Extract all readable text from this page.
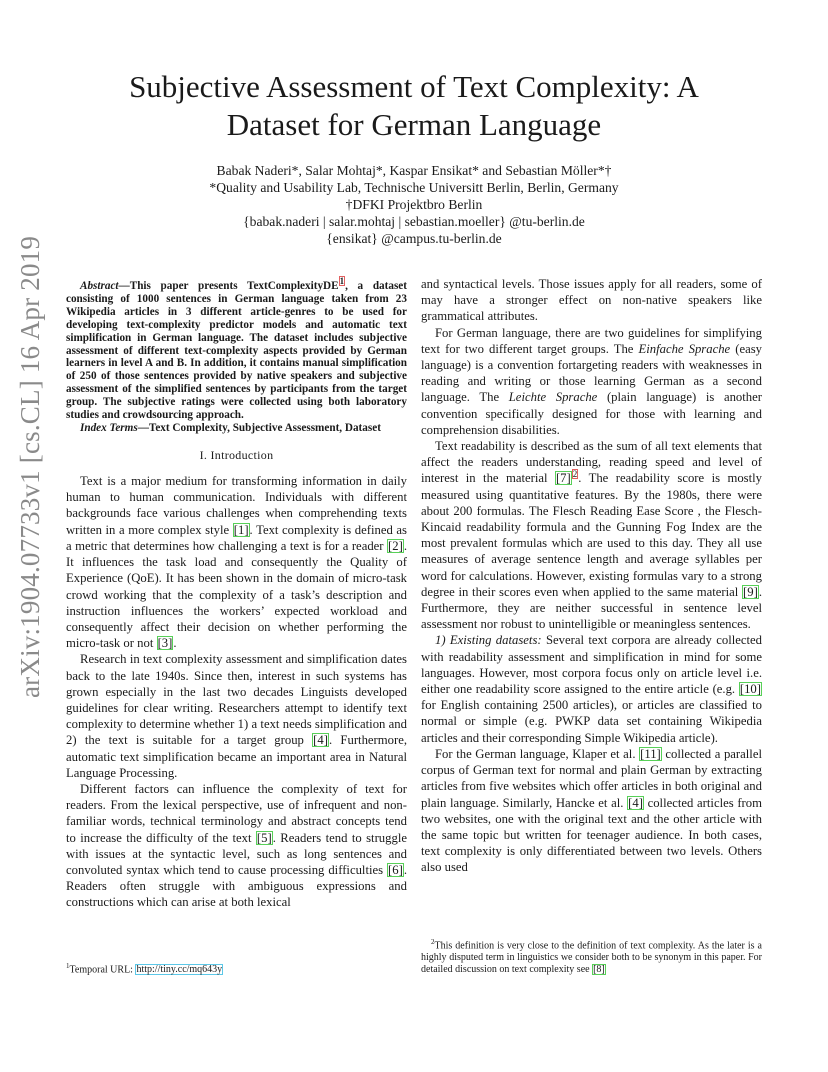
arXiv:1904.07733v1 [cs.CL] 16 Apr 2019
Subjective Assessment of Text Complexity: A
Dataset for German Language
Babak Naderi*, Salar Mohtaj*, Kaspar Ensikat* and Sebastian Möller*†
*Quality and Usability Lab, Technische Universitt Berlin, Berlin, Germany
†DFKI Projektbro Berlin
{babak.naderi | salar.mohtaj | sebastian.moeller} @tu-berlin.de
{ensikat} @campus.tu-berlin.de

Abstract—This paper presents TextComplexityDE$^1$, a dataset consisting of 1000 sentences in German language taken from 23 Wikipedia articles in 3 different article-genres to be used for developing text-complexity predictor models and automatic text simplification in German language. The dataset includes subjective assessment of different text-complexity aspects provided by German learners in level A and B. In addition, it contains manual simplification of 250 of those sentences provided by native speakers and subjective assessment of the simplified sentences by participants from the target group. The subjective ratings were collected using both laboratory studies and crowdsourcing approach.

Index Terms—Text Complexity, Subjective Assessment, Dataset

I. Introduction

Text is a major medium for transforming information in daily human to human communication. Individuals with different backgrounds face various challenges when comprehending texts written in a more complex style [1]. Text complexity is defined as a metric that determines how challenging a text is for a reader [2]. It influences the task load and consequently the Quality of Experience (QoE). It has been shown in the domain of micro-task crowd working that the complexity of a task’s description and instruction influences the workers’ expected workload and consequently affect their decision on whether performing the micro-task or not [3].

Research in text complexity assessment and simplification dates back to the late 1940s. Since then, interest in such systems has grown especially in the last two decades Linguists developed guidelines for clear writing. Researchers attempt to identify text complexity to determine whether 1) a text needs simplification and 2) the text is suitable for a target group [4]. Furthermore, automatic text simplification became an important area in Natural Language Processing.

Different factors can influence the complexity of text for readers. From the lexical perspective, use of infrequent and non-familiar words, technical terminology and abstract concepts tend to increase the difficulty of the text [5]. Readers tend to struggle with issues at the syntactic level, such as long sentences and convoluted syntax which tend to cause processing difficulties [6]. Readers often struggle with ambiguous expressions and constructions which can arise at both lexical

$^1$Temporal URL: http://tiny.cc/mq643y

and syntactical levels. Those issues apply for all readers, some of may have a stronger effect on non-native speakers like grammatical attributes.

For German language, there are two guidelines for simplifying text for two different target groups. The Einfache Sprache (easy language) is a convention fortargeting readers with weaknesses in reading and writing or those learning German as a second language. The Leichte Sprache (plain language) is another convention specifically designed for those with learning and comprehension disabilities.

Text readability is described as the sum of all text elements that affect the readers understanding, reading speed and level of interest in the material [7] $^2$. The readability score is mostly measured using quantitative features. By the 1980s, there were about 200 formulas. The Flesch Reading Ease Score , the Flesch-Kincaid readability formula and the Gunning Fog Index are the most prevalent formulas which are used to this day. They all use measures of average sentence length and average syllables per word for calculations. However, existing formulas vary to a strong degree in their scores even when applied to the same material [9]. Furthermore, they are neither successful in sentence level assessment nor robust to unintelligible or meaningless sentences.

1) Existing datasets: Several text corpora are already collected with readability assessment and simplification in mind for some languages. However, most corpora focus only on article level i.e. either one readability score assigned to the entire article (e.g. [10] for English containing 2500 articles), or articles are classified to normal or simple (e.g. PWKP data set containing Wikipedia articles and their corresponding Simple Wikipedia article).

For the German language, Klaper et al. [11] collected a parallel corpus of German text for normal and plain German by extracting articles from five websites which offer articles in both original and plain language. Similarly, Hancke et al. [4] collected articles from two websites, one with the original text and the other article with the same topic but written for teenager audience. In both cases, text complexity is only differentiated between two levels. Others also used

$^2$This definition is very close to the definition of text complexity. As the later is a highly disputed term in linguistics we consider both to be synonym in this paper. For detailed discussion on text complexity see [8]
